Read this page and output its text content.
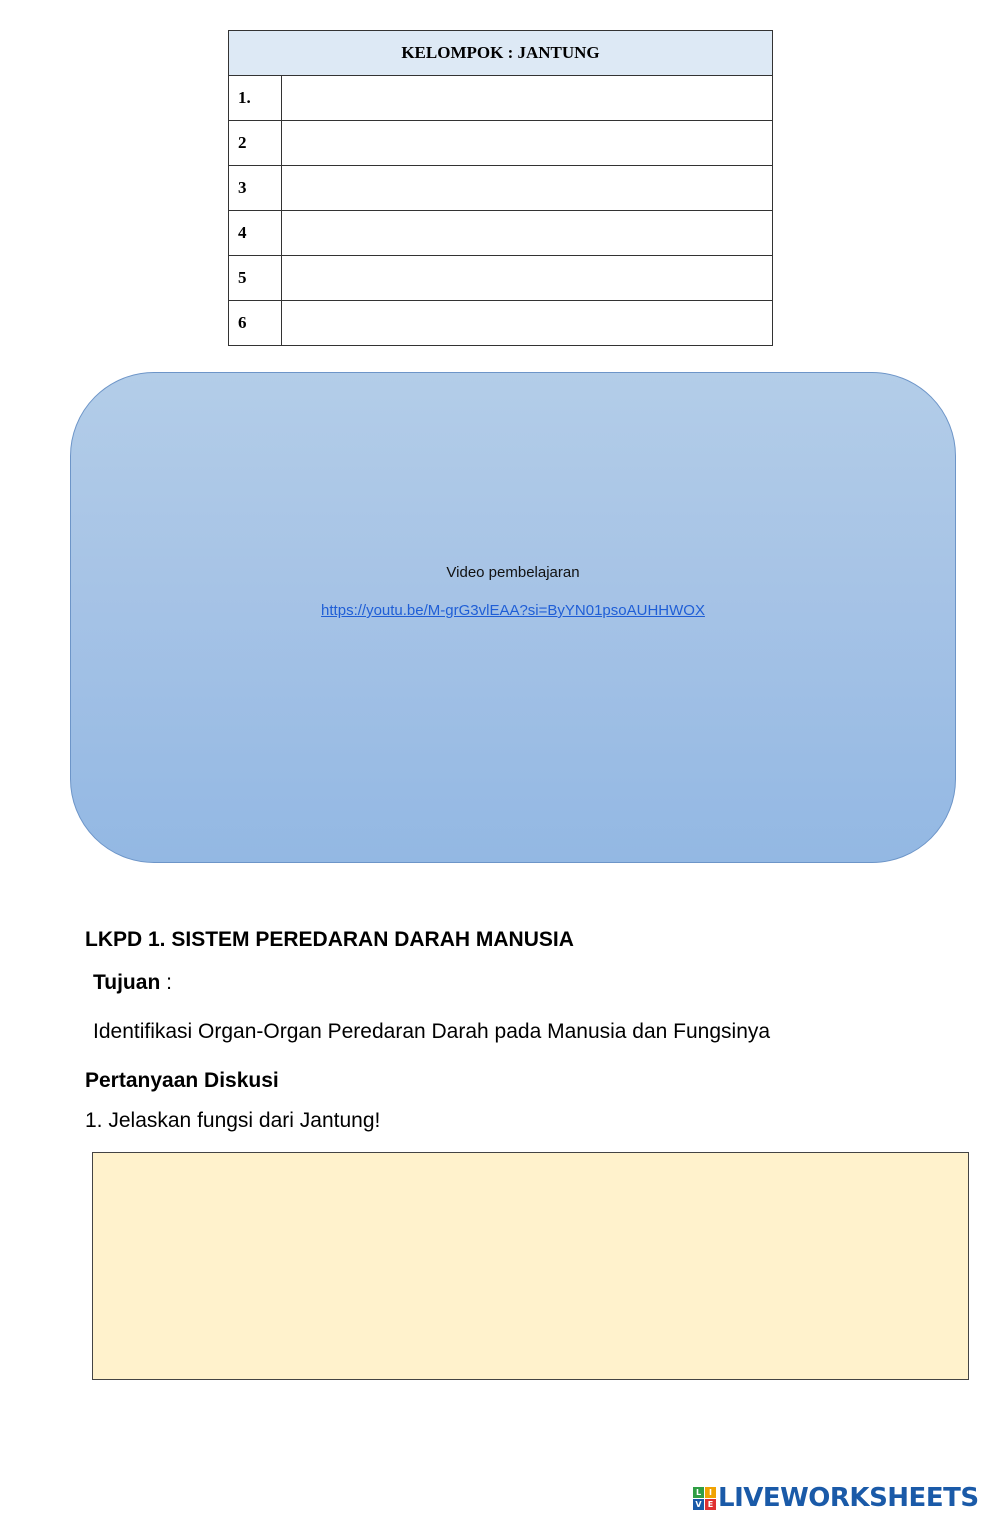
KELOMPOK : JANTUNG	
1.	
2	
3	
4	
5	
6	
Video pembelajaran
https://youtu.be/M-grG3vlEAA?si=ByYN01psoAUHHWOX
LKPD 1. SISTEM PEREDARAN DARAH MANUSIA
Tujuan :
Identifikasi Organ-Organ Peredaran Darah pada Manusia dan Fungsinya
Pertanyaan Diskusi
1. Jelaskan fungsi dari Jantung!
L I
V E LIVEWORKSHEETS
